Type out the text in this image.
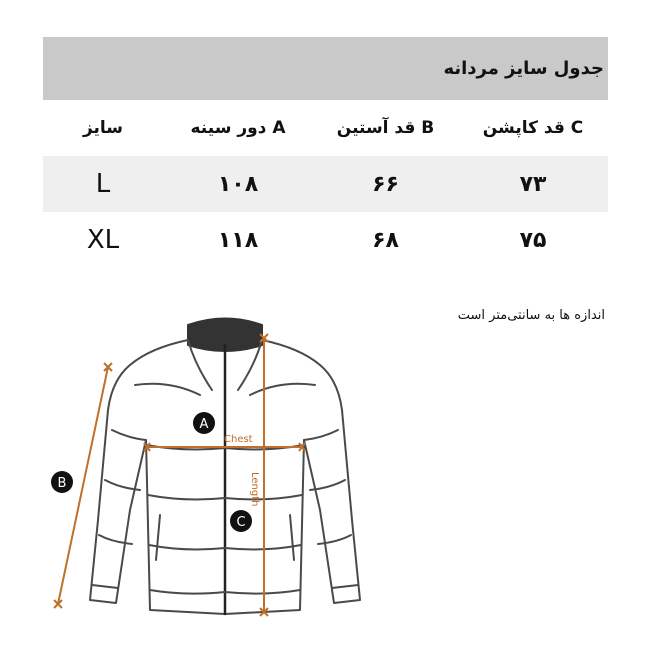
جدول سایز مردانه
C قد کاپشن
B قد آستین
A دور سینه
سایز
۷۳
۶۶
۱۰۸
L
۷۵
۶۸
۱۱۸
XL
اندازه ها به سانتی‌متر است
Chest
Length
A
B
C
